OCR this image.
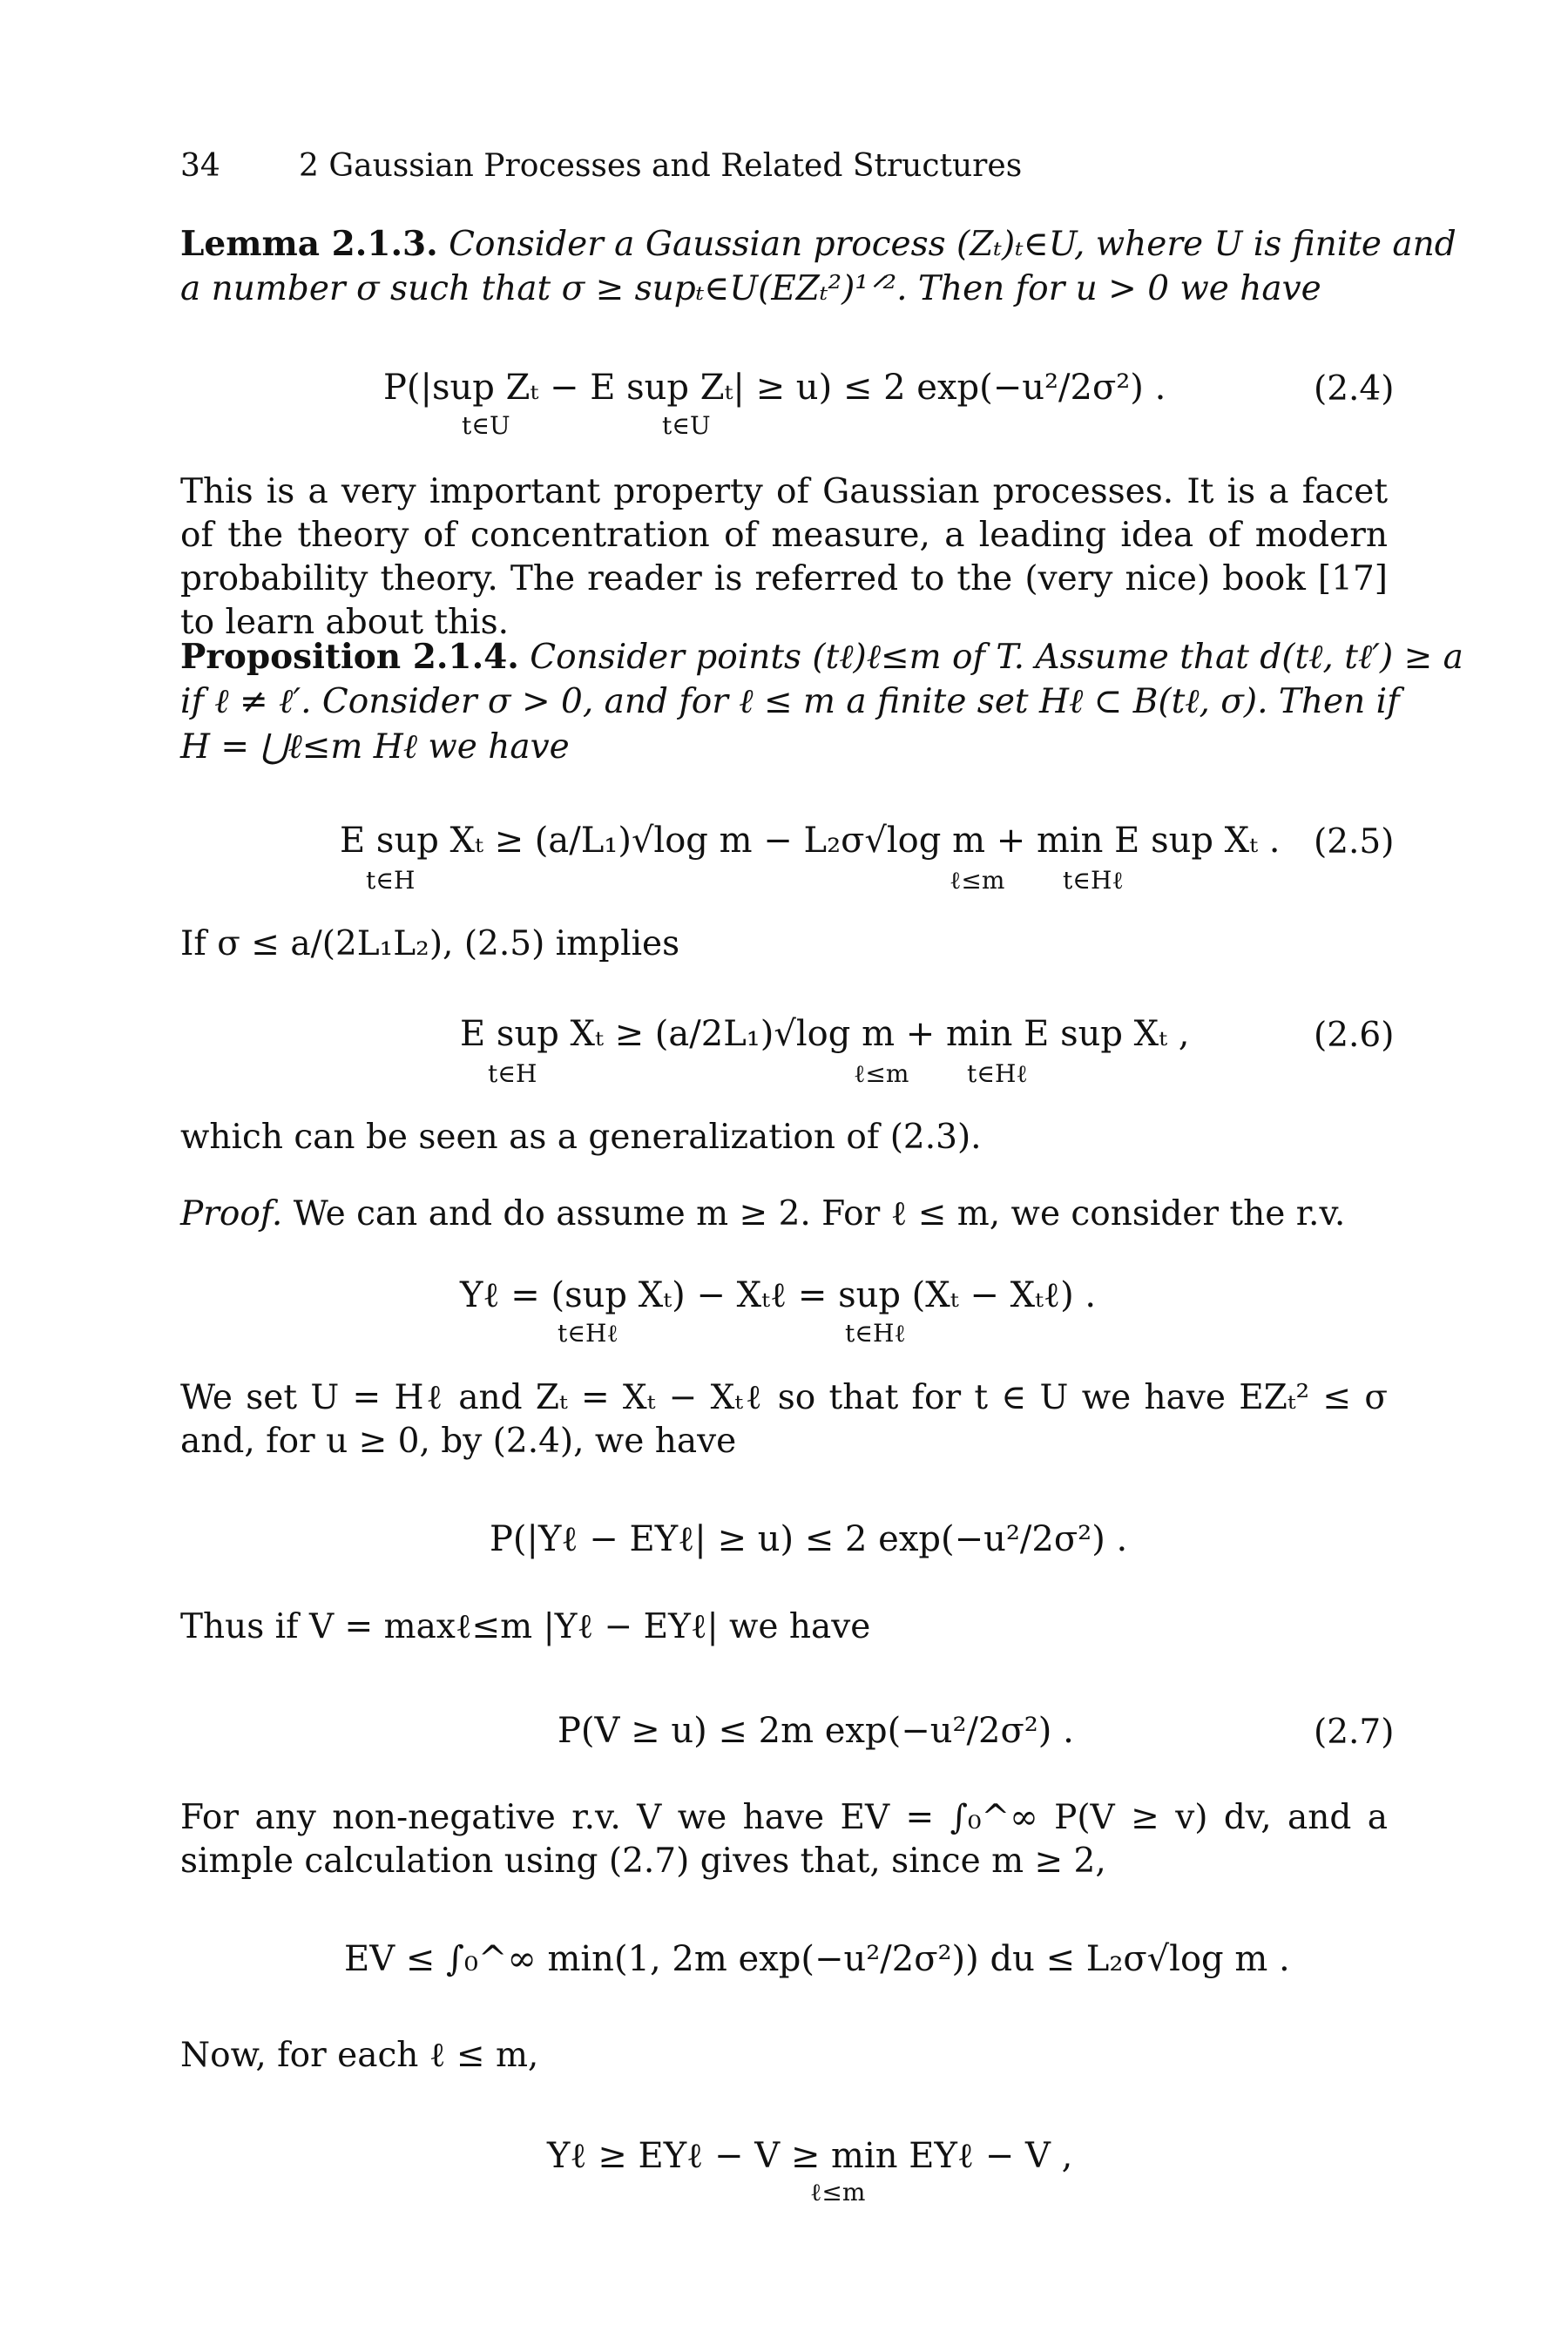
34	2 Gaussian Processes and Related Structures
Lemma 2.1.3. Consider a Gaussian process (Zₜ)ₜ∈U, where U is finite and
a number σ such that σ ≥ supₜ∈U(EZₜ²)¹ᐟ². Then for u > 0 we have
P(|sup Zₜ − E sup Zₜ| ≥ u) ≤ 2 exp(−u²/2σ²) .
t∈U	t∈U
(2.4)
This is a very important property of Gaussian processes. It is a facet of the theory of concentration of measure, a leading idea of modern probability theory. The reader is referred to the (very nice) book [17] to learn about this.
Proposition 2.1.4. Consider points (tℓ)ℓ≤m of T. Assume that d(tℓ, tℓ′) ≥ a
if ℓ ≠ ℓ′. Consider σ > 0, and for ℓ ≤ m a finite set Hℓ ⊂ B(tℓ, σ). Then if
H = ⋃ℓ≤m Hℓ we have
E sup Xₜ ≥ (a/L₁)√log m − L₂σ√log m + min E sup Xₜ .
t∈H	ℓ≤m t∈Hℓ
(2.5)
If σ ≤ a/(2L₁L₂), (2.5) implies
E sup Xₜ ≥ (a/2L₁)√log m + min E sup Xₜ ,
t∈H	ℓ≤m t∈Hℓ
(2.6)
which can be seen as a generalization of (2.3).
Proof. We can and do assume m ≥ 2. For ℓ ≤ m, we consider the r.v.
Yℓ = (sup Xₜ) − Xₜℓ = sup (Xₜ − Xₜℓ) .
t∈Hℓ	t∈Hℓ
We set U = Hℓ and Zₜ = Xₜ − Xₜℓ so that for t ∈ U we have EZₜ² ≤ σ and, for u ≥ 0, by (2.4), we have
P(|Yℓ − EYℓ| ≥ u) ≤ 2 exp(−u²/2σ²) .
Thus if V = maxℓ≤m |Yℓ − EYℓ| we have
P(V ≥ u) ≤ 2m exp(−u²/2σ²) .	(2.7)
For any non-negative r.v. V we have EV = ∫₀^∞ P(V ≥ v) dv, and a simple calculation using (2.7) gives that, since m ≥ 2,
EV ≤ ∫₀^∞ min(1, 2m exp(−u²/2σ²)) du ≤ L₂σ√log m .
Now, for each ℓ ≤ m,
Yℓ ≥ EYℓ − V ≥ min EYℓ − V ,
ℓ≤m
